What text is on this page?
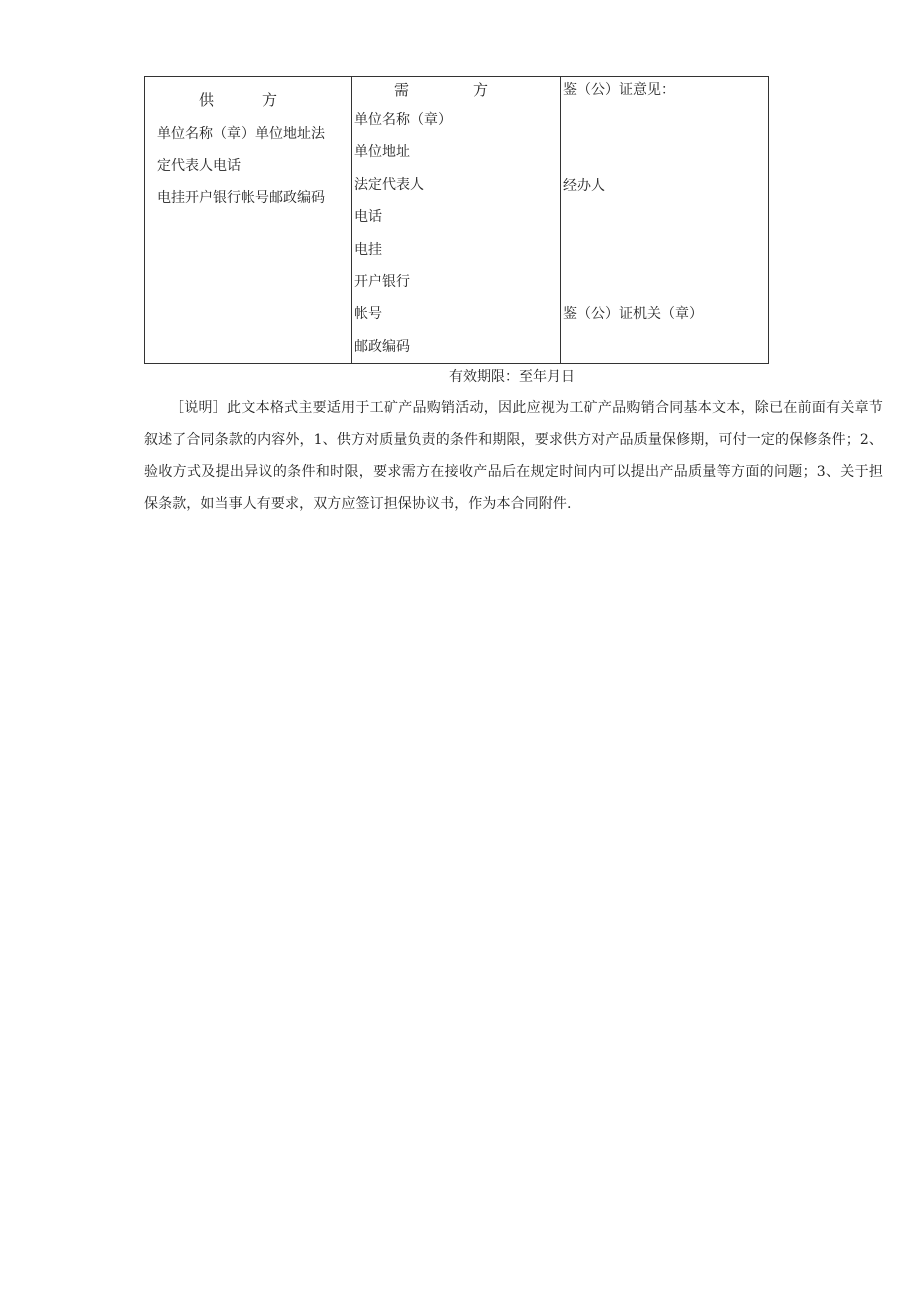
供	方
单位名称（章）单位地址法
定代表人电话
电挂开户银行帐号邮政编码

需	方
单位名称（章）
单位地址
法定代表人
电话
电挂
开户银行
帐号
邮政编码

鉴（公）证意见：
经办人
鉴（公）证机关（章）
有效期限：至年月日

［说明］此文本格式主要适用于工矿产品购销活动，因此应视为工矿产品购销合同基本文本，除已在前面有关章节叙述了合同条款的内容外，1、供方对质量负责的条件和期限，要求供方对产品质量保修期，可付一定的保修条件；2、验收方式及提出异议的条件和时限，要求需方在接收产品后在规定时间内可以提出产品质量等方面的问题；3、关于担保条款，如当事人有要求，双方应签订担保协议书，作为本合同附件.
